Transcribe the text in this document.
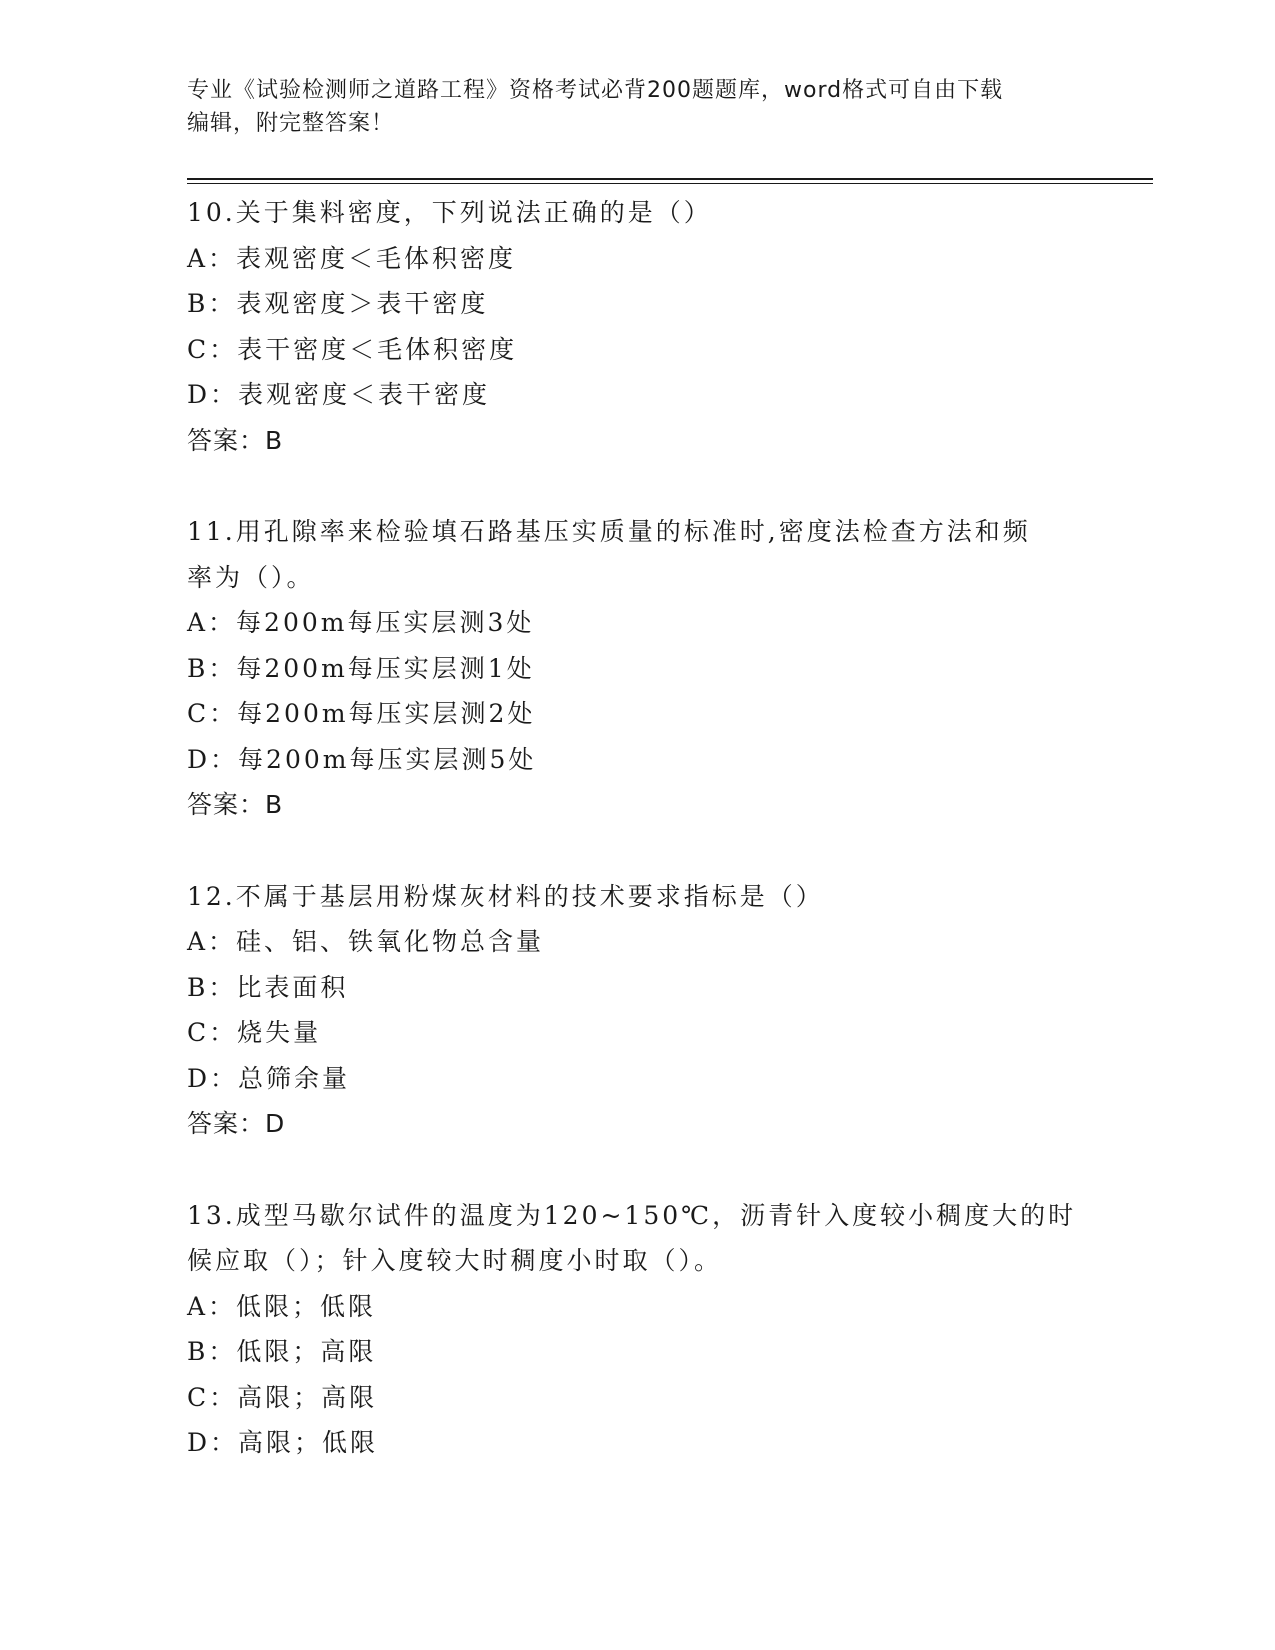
专业《试验检测师之道路工程》资格考试必背200题题库，word格式可自由下载
编辑，附完整答案！
10.关于集料密度，下列说法正确的是（）
A：表观密度＜毛体积密度
B：表观密度＞表干密度
C：表干密度＜毛体积密度
D：表观密度＜表干密度
答案：B
11.用孔隙率来检验填石路基压实质量的标准时,密度法检查方法和频
率为（）。
A：每200m每压实层测3处
B：每200m每压实层测1处
C：每200m每压实层测2处
D：每200m每压实层测5处
答案：B
12.不属于基层用粉煤灰材料的技术要求指标是（）
A：硅、铝、铁氧化物总含量
B：比表面积
C：烧失量
D：总筛余量
答案：D
13.成型马歇尔试件的温度为120~150℃，沥青针入度较小稠度大的时
候应取（）；针入度较大时稠度小时取（）。
A：低限；低限
B：低限；高限
C：高限；高限
D：高限；低限
